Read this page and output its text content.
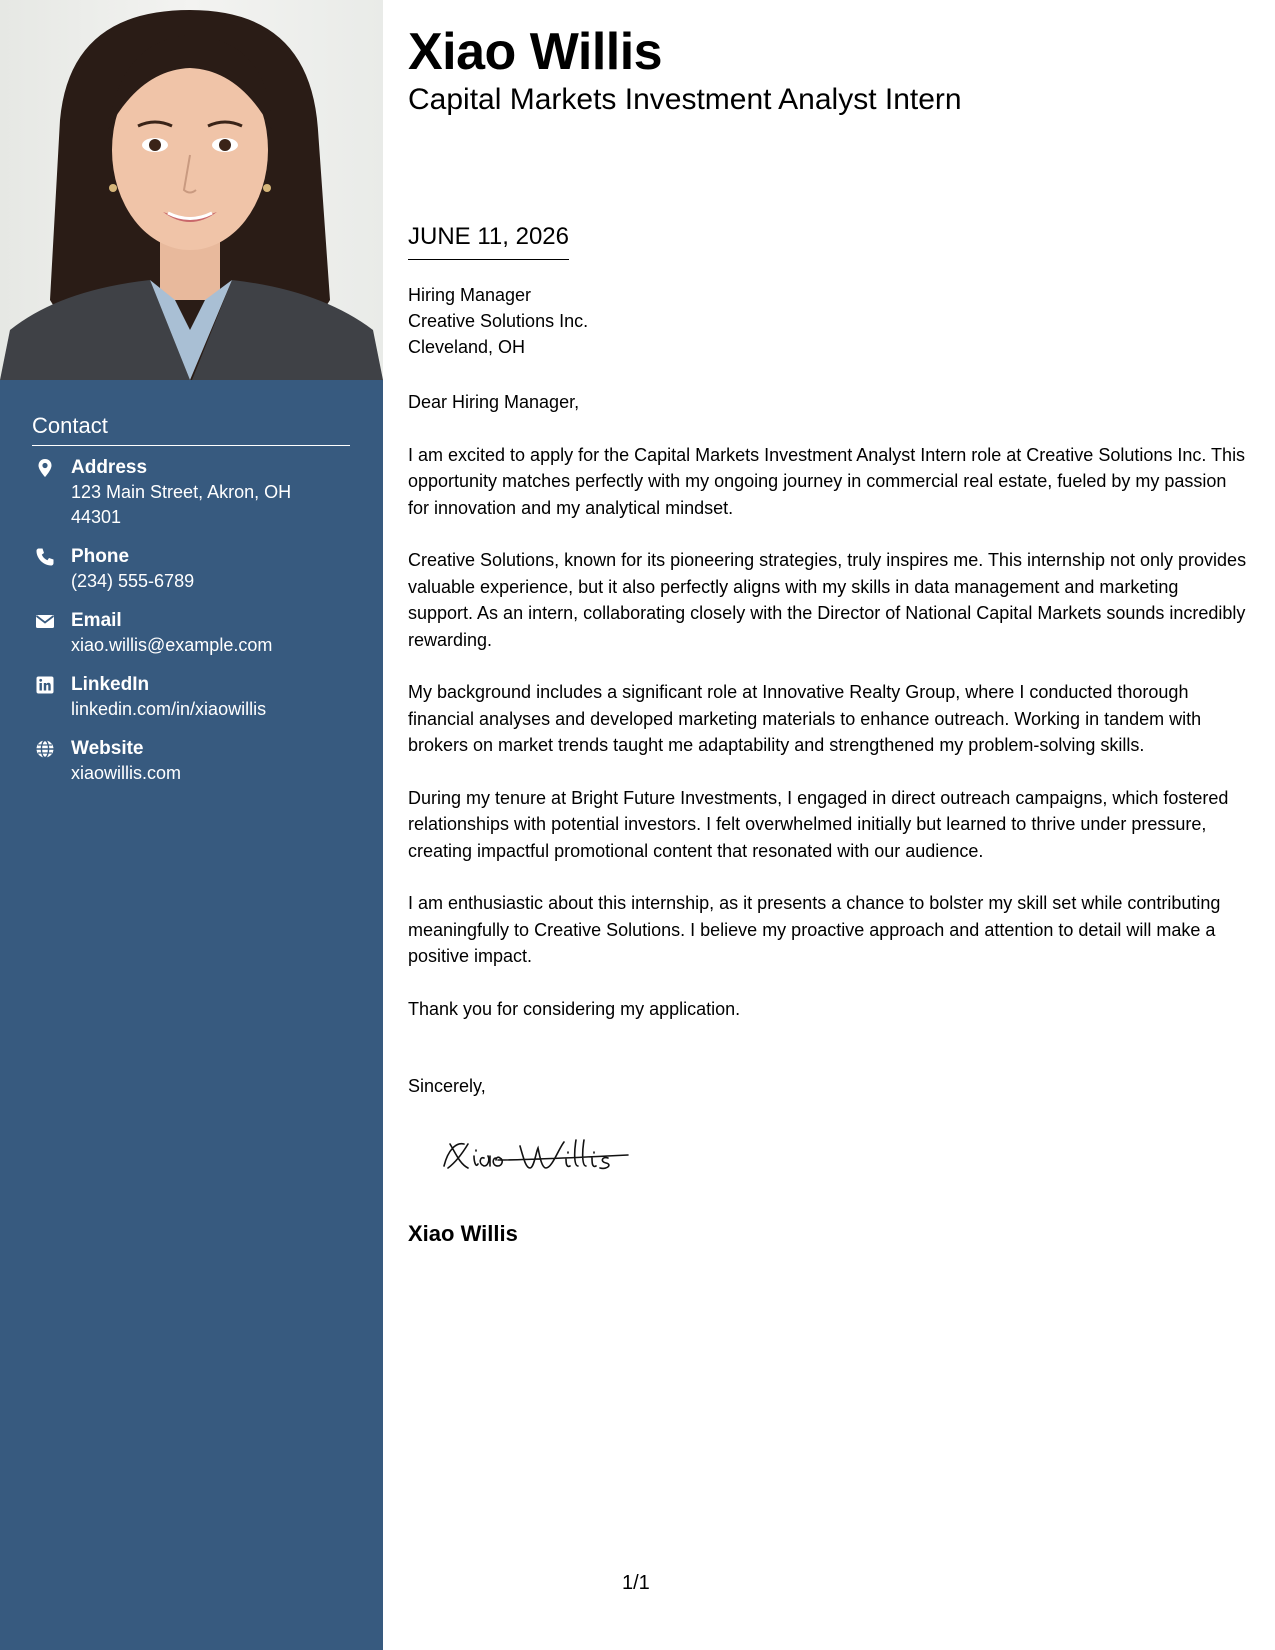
Contact
Address
123 Main Street, Akron, OH 44301
Phone
(234) 555-6789
Email
xiao.willis@example.com
LinkedIn
linkedin.com/in/xiaowillis
Website
xiaowillis.com
Xiao Willis
Capital Markets Investment Analyst Intern
JUNE 11, 2026
Hiring Manager
Creative Solutions Inc.
Cleveland, OH

Dear Hiring Manager,

I am excited to apply for the Capital Markets Investment Analyst Intern role at Creative Solutions Inc. This opportunity matches perfectly with my ongoing journey in commercial real estate, fueled by my passion for innovation and my analytical mindset.

Creative Solutions, known for its pioneering strategies, truly inspires me. This internship not only provides valuable experience, but it also perfectly aligns with my skills in data management and marketing support. As an intern, collaborating closely with the Director of National Capital Markets sounds incredibly rewarding.

My background includes a significant role at Innovative Realty Group, where I conducted thorough financial analyses and developed marketing materials to enhance outreach. Working in tandem with brokers on market trends taught me adaptability and strengthened my problem-solving skills.

During my tenure at Bright Future Investments, I engaged in direct outreach campaigns, which fostered relationships with potential investors. I felt overwhelmed initially but learned to thrive under pressure, creating impactful promotional content that resonated with our audience.

I am enthusiastic about this internship, as it presents a chance to bolster my skill set while contributing meaningfully to Creative Solutions. I believe my proactive approach and attention to detail will make a positive impact.

Thank you for considering my application.

Sincerely,
Xiao Willis
1/1
